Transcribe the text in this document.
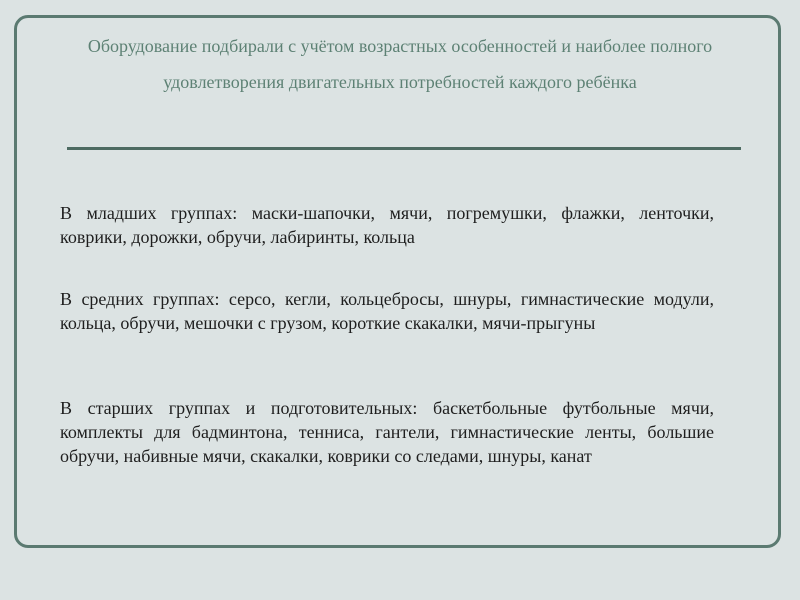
Оборудование подбирали с учётом возрастных особенностей и наиболее полного удовлетворения двигательных потребностей каждого ребёнка

В младших группах: маски-шапочки, мячи, погремушки, флажки, ленточки, коврики, дорожки, обручи, лабиринты, кольца

В средних группах: серсо, кегли, кольцебросы, шнуры, гимнастические модули, кольца, обручи, мешочки с грузом, короткие скакалки, мячи-прыгуны

В старших группах и подготовительных: баскетбольные футбольные мячи, комплекты для бадминтона, тенниса, гантели, гимнастические ленты, большие обручи, набивные мячи, скакалки, коврики со следами, шнуры, канат
